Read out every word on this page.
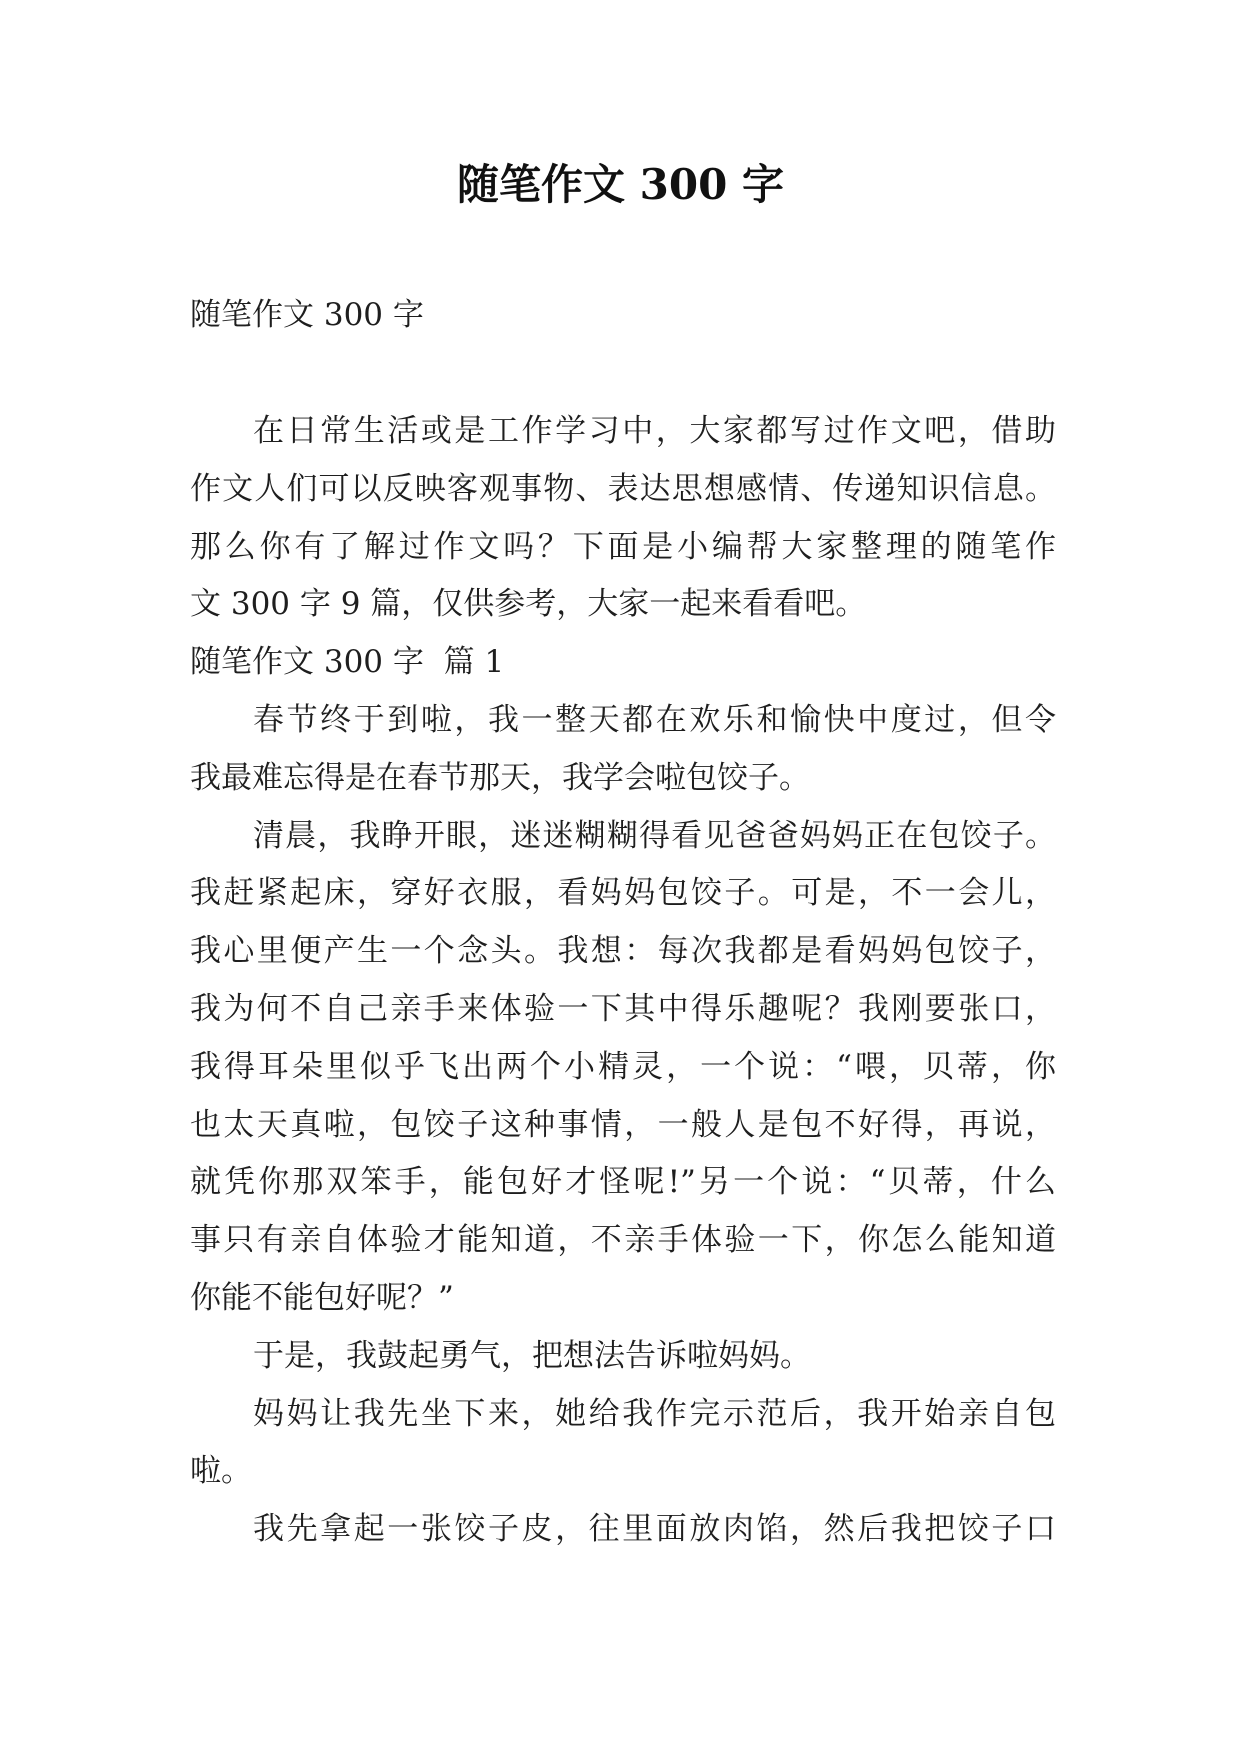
随笔作文 300 字
随笔作文 300 字
在日常生活或是工作学习中，大家都写过作文吧，借助
作文人们可以反映客观事物、表达思想感情、传递知识信息。
那么你有了解过作文吗？下面是小编帮大家整理的随笔作
文 300 字 9 篇，仅供参考，大家一起来看看吧。
随笔作文 300 字  篇 1
春节终于到啦，我一整天都在欢乐和愉快中度过，但令
我最难忘得是在春节那天，我学会啦包饺子。
清晨，我睁开眼，迷迷糊糊得看见爸爸妈妈正在包饺子。
我赶紧起床，穿好衣服，看妈妈包饺子。可是，不一会儿，
我心里便产生一个念头。我想：每次我都是看妈妈包饺子，
我为何不自己亲手来体验一下其中得乐趣呢？我刚要张口，
我得耳朵里似乎飞出两个小精灵，一个说：“喂，贝蒂，你
也太天真啦，包饺子这种事情，一般人是包不好得，再说，
就凭你那双笨手，能包好才怪呢!”另一个说：“贝蒂，什么
事只有亲自体验才能知道，不亲手体验一下，你怎么能知道
你能不能包好呢？”
于是，我鼓起勇气，把想法告诉啦妈妈。
妈妈让我先坐下来，她给我作完示范后，我开始亲自包
啦。
我先拿起一张饺子皮，往里面放肉馅，然后我把饺子口
